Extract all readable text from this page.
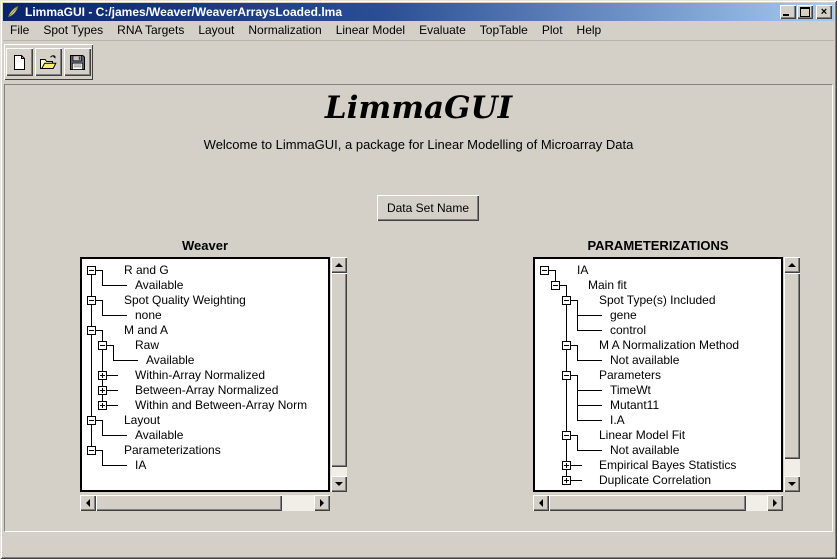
LimmaGUI - C:/james/Weaver/WeaverArraysLoaded.lma	×
File	Spot Types	RNA Targets	Layout	Normalization	Linear Model	Evaluate	TopTable	Plot	Help
LimmaGUI
Welcome to LimmaGUI, a package for Linear Modelling of Microarray Data
Data Set Name
Weaver
R and G
Available
Spot Quality Weighting
none
M and A
Raw
Available
Within-Array Normalized
Between-Array Normalized
Within and Between-Array Norm
Layout
Available
Parameterizations
IA
PARAMETERIZATIONS
IA
Main fit
Spot Type(s) Included
gene
control
M A Normalization Method
Not available
Parameters
TimeWt
Mutant11
I.A
Linear Model Fit
Not available
Empirical Bayes Statistics
Duplicate Correlation
